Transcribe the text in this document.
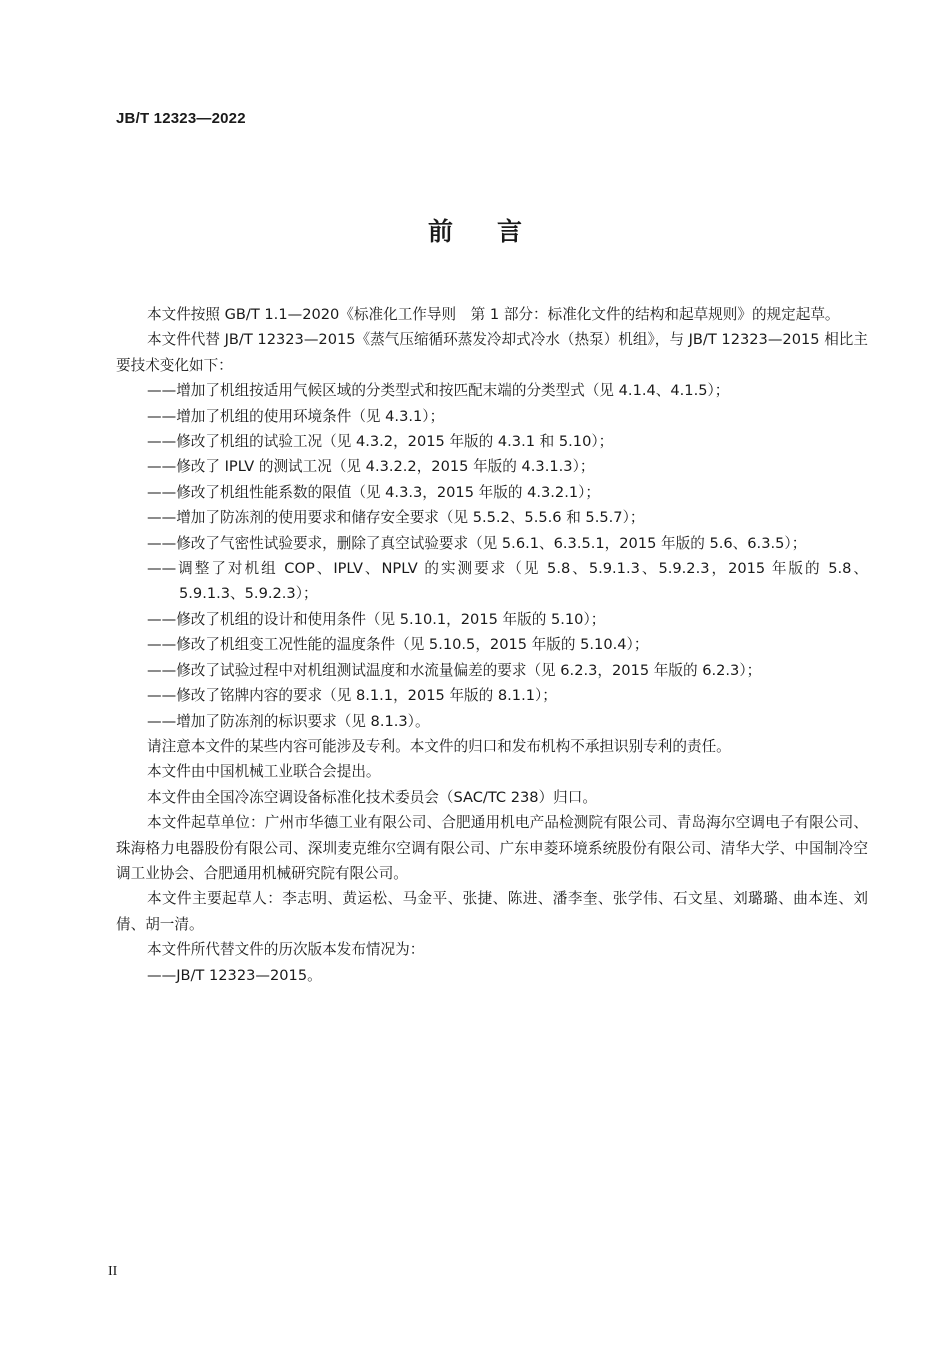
JB/T 12323—2022
前言

本文件按照 GB/T 1.1—2020《标准化工作导则　第 1 部分：标准化文件的结构和起草规则》的规定起草。

本文件代替 JB/T 12323—2015《蒸气压缩循环蒸发冷却式冷水（热泵）机组》，与 JB/T 12323—2015 相比主要技术变化如下：

——增加了机组按适用气候区域的分类型式和按匹配末端的分类型式（见 4.1.4、4.1.5）；

——增加了机组的使用环境条件（见 4.3.1）；

——修改了机组的试验工况（见 4.3.2，2015 年版的 4.3.1 和 5.10）；

——修改了 IPLV 的测试工况（见 4.3.2.2，2015 年版的 4.3.1.3）；

——修改了机组性能系数的限值（见 4.3.3，2015 年版的 4.3.2.1）；

——增加了防冻剂的使用要求和储存安全要求（见 5.5.2、5.5.6 和 5.5.7）；

——修改了气密性试验要求，删除了真空试验要求（见 5.6.1、6.3.5.1，2015 年版的 5.6、6.3.5）；

——调整了对机组 COP、IPLV、NPLV 的实测要求（见 5.8、5.9.1.3、5.9.2.3，2015 年版的 5.8、5.9.1.3、5.9.2.3）；

——修改了机组的设计和使用条件（见 5.10.1，2015 年版的 5.10）；

——修改了机组变工况性能的温度条件（见 5.10.5，2015 年版的 5.10.4）；

——修改了试验过程中对机组测试温度和水流量偏差的要求（见 6.2.3，2015 年版的 6.2.3）；

——修改了铭牌内容的要求（见 8.1.1，2015 年版的 8.1.1）；

——增加了防冻剂的标识要求（见 8.1.3）。

请注意本文件的某些内容可能涉及专利。本文件的归口和发布机构不承担识别专利的责任。

本文件由中国机械工业联合会提出。

本文件由全国冷冻空调设备标准化技术委员会（SAC/TC 238）归口。

本文件起草单位：广州市华德工业有限公司、合肥通用机电产品检测院有限公司、青岛海尔空调电子有限公司、珠海格力电器股份有限公司、深圳麦克维尔空调有限公司、广东申菱环境系统股份有限公司、清华大学、中国制冷空调工业协会、合肥通用机械研究院有限公司。

本文件主要起草人：李志明、黄运松、马金平、张捷、陈进、潘李奎、张学伟、石文星、刘璐璐、曲本连、刘倩、胡一清。

本文件所代替文件的历次版本发布情况为：

——JB/T 12323—2015。

II
